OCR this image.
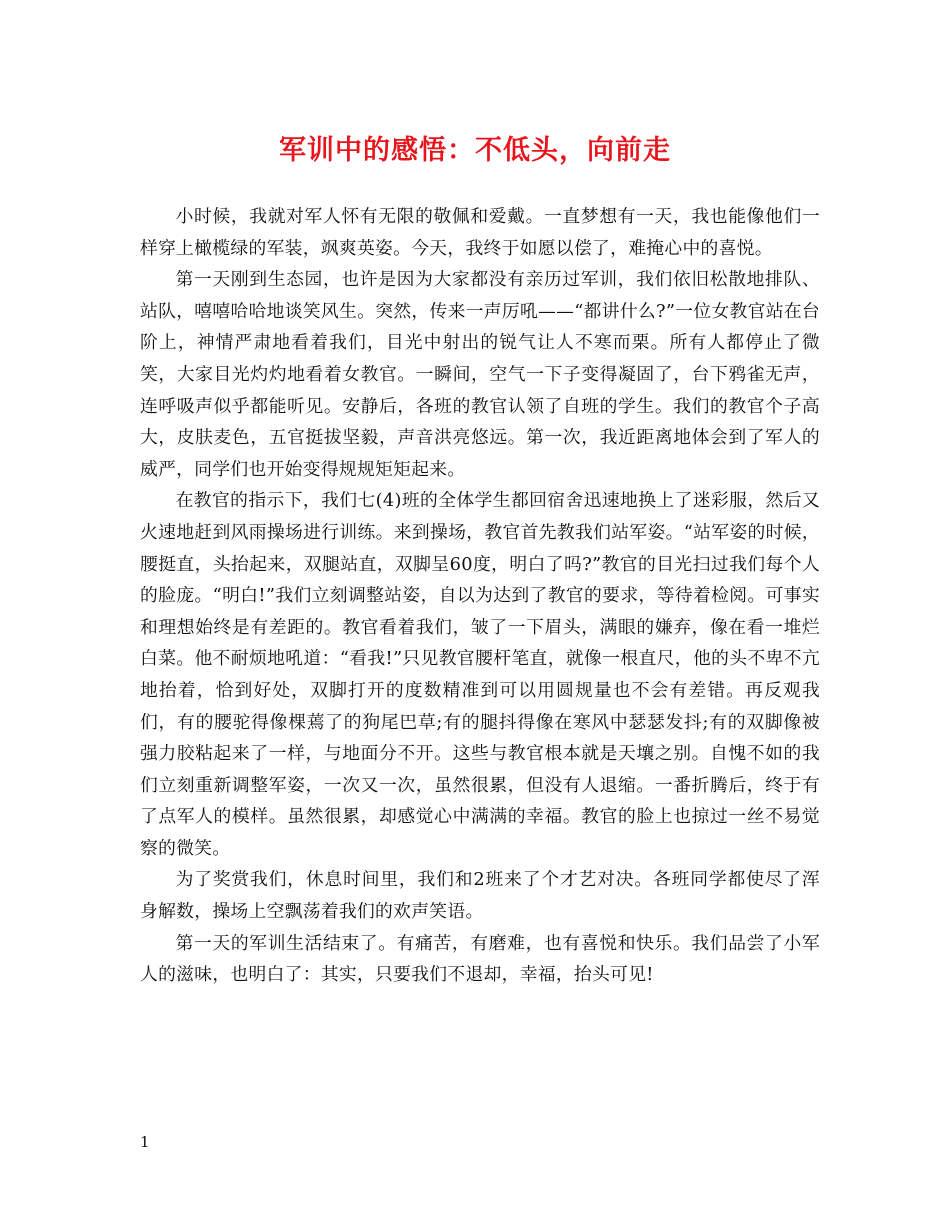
军训中的感悟：不低头，向前走

小时候，我就对军人怀有无限的敬佩和爱戴。一直梦想有一天，我也能像他们一样穿上橄榄绿的军装，飒爽英姿。今天，我终于如愿以偿了，难掩心中的喜悦。

第一天刚到生态园，也许是因为大家都没有亲历过军训，我们依旧松散地排队、站队，嘻嘻哈哈地谈笑风生。突然，传来一声厉吼——“都讲什么?”一位女教官站在台阶上，神情严肃地看着我们，目光中射出的锐气让人不寒而栗。所有人都停止了微笑，大家目光灼灼地看着女教官。一瞬间，空气一下子变得凝固了，台下鸦雀无声，连呼吸声似乎都能听见。安静后，各班的教官认领了自班的学生。我们的教官个子高大，皮肤麦色，五官挺拔坚毅，声音洪亮悠远。第一次，我近距离地体会到了军人的威严，同学们也开始变得规规矩矩起来。

在教官的指示下，我们七(4)班的全体学生都回宿舍迅速地换上了迷彩服，然后又火速地赶到风雨操场进行训练。来到操场，教官首先教我们站军姿。“站军姿的时候，腰挺直，头抬起来，双腿站直，双脚呈60度，明白了吗?”教官的目光扫过我们每个人的脸庞。“明白!”我们立刻调整站姿，自以为达到了教官的要求，等待着检阅。可事实和理想始终是有差距的。教官看着我们，皱了一下眉头，满眼的嫌弃，像在看一堆烂白菜。他不耐烦地吼道：“看我!”只见教官腰杆笔直，就像一根直尺，他的头不卑不亢地抬着，恰到好处，双脚打开的度数精准到可以用圆规量也不会有差错。再反观我们，有的腰驼得像棵蔫了的狗尾巴草;有的腿抖得像在寒风中瑟瑟发抖;有的双脚像被强力胶粘起来了一样，与地面分不开。这些与教官根本就是天壤之别。自愧不如的我们立刻重新调整军姿，一次又一次，虽然很累，但没有人退缩。一番折腾后，终于有了点军人的模样。虽然很累，却感觉心中满满的幸福。教官的脸上也掠过一丝不易觉察的微笑。

为了奖赏我们，休息时间里，我们和2班来了个才艺对决。各班同学都使尽了浑身解数，操场上空飘荡着我们的欢声笑语。

第一天的军训生活结束了。有痛苦，有磨难，也有喜悦和快乐。我们品尝了小军人的滋味，也明白了：其实，只要我们不退却，幸福，抬头可见!

1
